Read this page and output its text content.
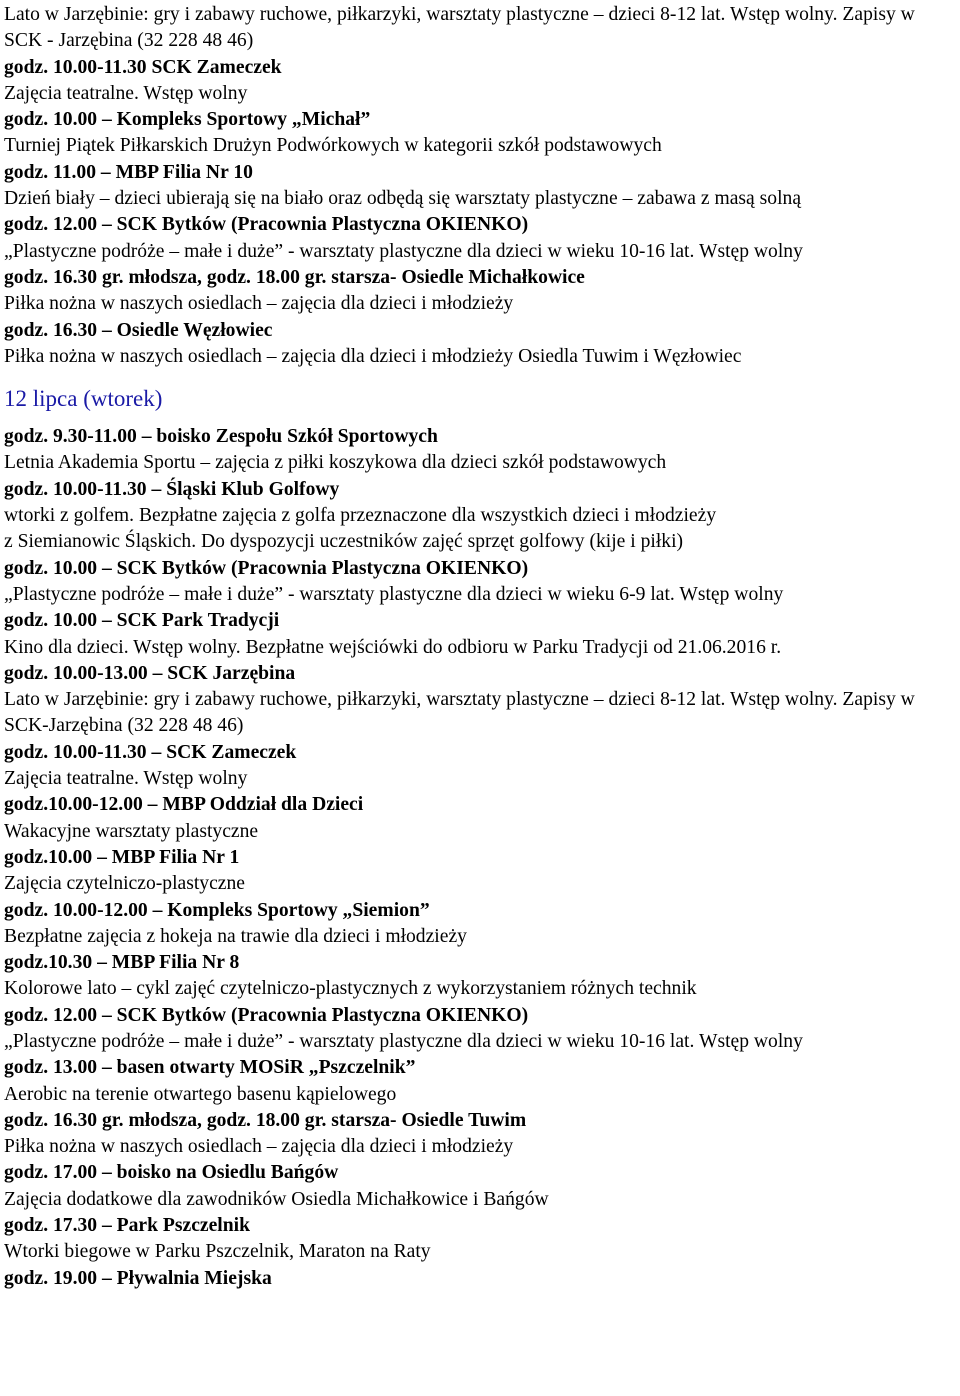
Lato w Jarzębinie: gry i zabawy ruchowe, piłkarzyki, warsztaty plastyczne – dzieci 8-12 lat. Wstęp wolny. Zapisy w SCK - Jarzębina (32 228 48 46)
godz. 10.00-11.30 SCK Zameczek
Zajęcia teatralne. Wstęp wolny
godz. 10.00 – Kompleks Sportowy „Michał”
Turniej Piątek Piłkarskich Drużyn Podwórkowych w kategorii szkół podstawowych
godz. 11.00 – MBP Filia Nr 10
Dzień biały – dzieci ubierają się na biało oraz odbędą się warsztaty plastyczne – zabawa z masą solną
godz. 12.00 – SCK Bytków (Pracownia Plastyczna OKIENKO)
„Plastyczne podróże – małe i duże” - warsztaty plastyczne dla dzieci w wieku 10-16 lat. Wstęp wolny
godz. 16.30 gr. młodsza, godz. 18.00 gr. starsza- Osiedle Michałkowice
Piłka nożna w naszych osiedlach – zajęcia dla dzieci i młodzieży
godz. 16.30 – Osiedle Węzłowiec
Piłka nożna w naszych osiedlach – zajęcia dla dzieci i młodzieży Osiedla Tuwim i Węzłowiec
12 lipca (wtorek)
godz. 9.30-11.00 – boisko Zespołu Szkół Sportowych
Letnia Akademia Sportu – zajęcia z piłki koszykowa dla dzieci szkół podstawowych
godz. 10.00-11.30 – Śląski Klub Golfowy
wtorki z golfem. Bezpłatne zajęcia z golfa przeznaczone dla wszystkich dzieci i młodzieży
z Siemianowic Śląskich. Do dyspozycji uczestników zajęć sprzęt golfowy (kije i piłki)
godz. 10.00 – SCK Bytków (Pracownia Plastyczna OKIENKO)
„Plastyczne podróże – małe i duże” - warsztaty plastyczne dla dzieci w wieku 6-9 lat. Wstęp wolny
godz. 10.00 – SCK Park Tradycji
Kino dla dzieci. Wstęp wolny. Bezpłatne wejściówki do odbioru w Parku Tradycji od 21.06.2016 r.
godz. 10.00-13.00 – SCK Jarzębina
Lato w Jarzębinie: gry i zabawy ruchowe, piłkarzyki, warsztaty plastyczne – dzieci 8-12 lat. Wstęp wolny. Zapisy w SCK-Jarzębina (32 228 48 46)
godz. 10.00-11.30 – SCK Zameczek
Zajęcia teatralne. Wstęp wolny
godz.10.00-12.00 – MBP Oddział dla Dzieci
Wakacyjne warsztaty plastyczne
godz.10.00 – MBP Filia Nr 1
Zajęcia czytelniczo-plastyczne
godz. 10.00-12.00 – Kompleks Sportowy „Siemion”
Bezpłatne zajęcia z hokeja na trawie dla dzieci i młodzieży
godz.10.30 – MBP Filia Nr 8
Kolorowe lato – cykl zajęć czytelniczo-plastycznych z wykorzystaniem różnych technik
godz. 12.00 – SCK Bytków (Pracownia Plastyczna OKIENKO)
„Plastyczne podróże – małe i duże” - warsztaty plastyczne dla dzieci w wieku 10-16 lat. Wstęp wolny
godz. 13.00 – basen otwarty MOSiR „Pszczelnik”
Aerobic na terenie otwartego basenu kąpielowego
godz. 16.30 gr. młodsza, godz. 18.00 gr. starsza- Osiedle Tuwim
Piłka nożna w naszych osiedlach – zajęcia dla dzieci i młodzieży
godz. 17.00 – boisko na Osiedlu Bańgów
Zajęcia dodatkowe dla zawodników Osiedla Michałkowice i Bańgów
godz. 17.30 – Park Pszczelnik
Wtorki biegowe w Parku Pszczelnik, Maraton na Raty
godz. 19.00 – Pływalnia Miejska
